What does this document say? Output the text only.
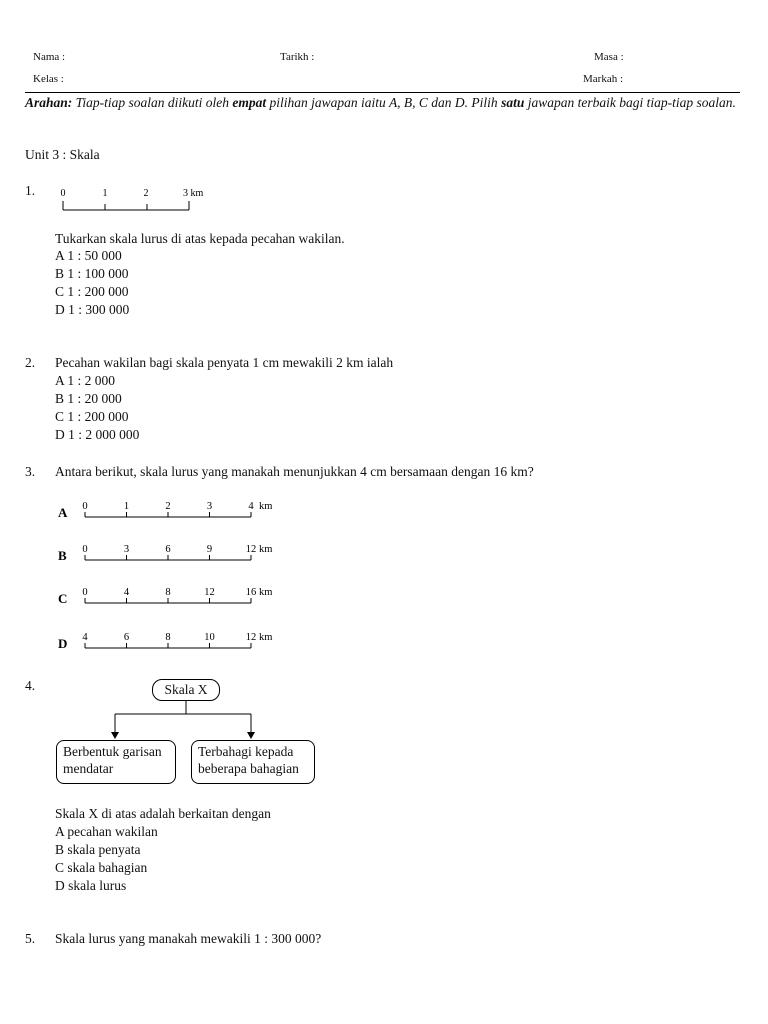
Nama :	Tarikh :	Masa :
Kelas :	Markah :
Arahan: Tiap-tiap soalan diikuti oleh empat pilihan jawapan iaitu A, B, C dan D. Pilih satu jawapan terbaik bagi tiap-tiap soalan.
Unit 3 : Skala
1.	0	1	2	3 km
Tukarkan skala lurus di atas kepada pecahan wakilan.
A 1 : 50 000
B 1 : 100 000
C 1 : 200 000
D 1 : 300 000
2. Pecahan wakilan bagi skala penyata 1 cm mewakili 2 km ialah
A 1 : 2 000
B 1 : 20 000
C 1 : 200 000
D 1 : 2 000 000
3. Antara berikut, skala lurus yang manakah menunjukkan 4 cm bersamaan dengan 16 km?
A 0	1	2	3	4 km
B 0	3	6	9	12 km
C 0	4	8	12	16 km
D 4	6	8	10	12 km
4.	Skala X
Berbentuk garisan mendatar
Terbahagi kepada beberapa bahagian
Skala X di atas adalah berkaitan dengan
A pecahan wakilan
B skala penyata
C skala bahagian
D skala lurus
5. Skala lurus yang manakah mewakili 1 : 300 000?
